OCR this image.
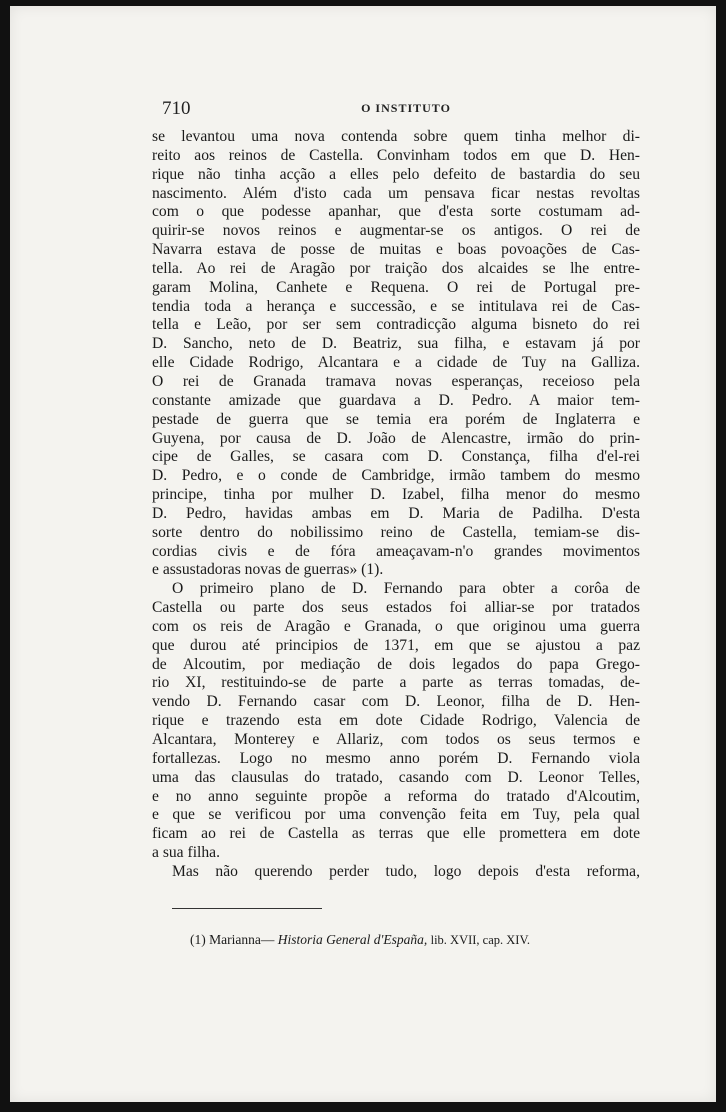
710	O INSTITUTO
se levantou uma nova contenda sobre quem tinha melhor di-
reito aos reinos de Castella. Convinham todos em que D. Hen-
rique não tinha acção a elles pelo defeito de bastardia do seu
nascimento. Além d'isto cada um pensava ficar nestas revoltas
com o que podesse apanhar, que d'esta sorte costumam ad-
quirir-se novos reinos e augmentar-se os antigos. O rei de
Navarra estava de posse de muitas e boas povoações de Cas-
tella. Ao rei de Aragão por traição dos alcaides se lhe entre-
garam Molina, Canhete e Requena. O rei de Portugal pre-
tendia toda a herança e successão, e se intitulava rei de Cas-
tella e Leão, por ser sem contradicção alguma bisneto do rei
D. Sancho, neto de D. Beatriz, sua filha, e estavam já por
elle Cidade Rodrigo, Alcantara e a cidade de Tuy na Galliza.
O rei de Granada tramava novas esperanças, receioso pela
constante amizade que guardava a D. Pedro. A maior tem-
pestade de guerra que se temia era porém de Inglaterra e
Guyena, por causa de D. João de Alencastre, irmão do prin-
cipe de Galles, se casara com D. Constança, filha d'el-rei
D. Pedro, e o conde de Cambridge, irmão tambem do mesmo
principe, tinha por mulher D. Izabel, filha menor do mesmo
D. Pedro, havidas ambas em D. Maria de Padilha. D'esta
sorte dentro do nobilissimo reino de Castella, temiam-se dis-
cordias civis e de fóra ameaçavam-n'o grandes movimentos
e assustadoras novas de guerras» (1).
O primeiro plano de D. Fernando para obter a corôa de
Castella ou parte dos seus estados foi alliar-se por tratados
com os reis de Aragão e Granada, o que originou uma guerra
que durou até principios de 1371, em que se ajustou a paz
de Alcoutim, por mediação de dois legados do papa Grego-
rio XI, restituindo-se de parte a parte as terras tomadas, de-
vendo D. Fernando casar com D. Leonor, filha de D. Hen-
rique e trazendo esta em dote Cidade Rodrigo, Valencia de
Alcantara, Monterey e Allariz, com todos os seus termos e
fortallezas. Logo no mesmo anno porém D. Fernando viola
uma das clausulas do tratado, casando com D. Leonor Telles,
e no anno seguinte propõe a reforma do tratado d'Alcoutim,
e que se verificou por uma convenção feita em Tuy, pela qual
ficam ao rei de Castella as terras que elle promettera em dote
a sua filha.
Mas não querendo perder tudo, logo depois d'esta reforma,
(1) Marianna— Historia General d'España, lib. XVII, cap. XIV.
